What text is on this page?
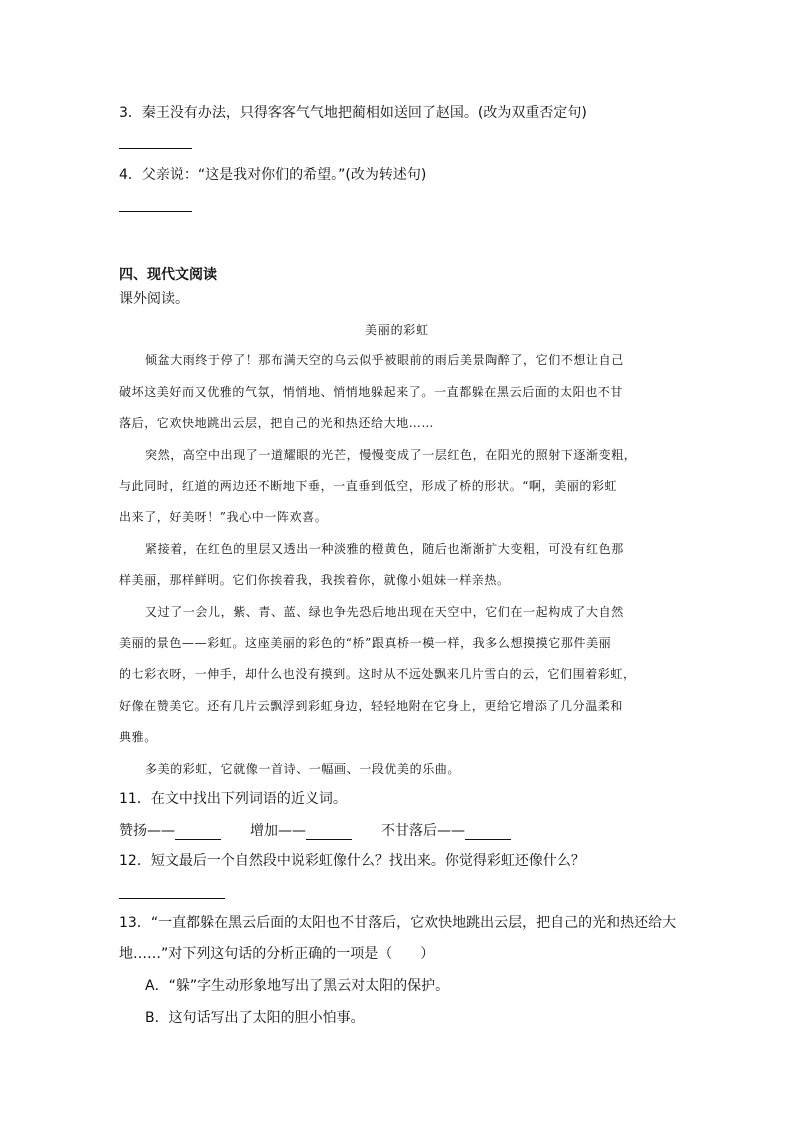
3．秦王没有办法，只得客客气气地把蔺相如送回了赵国。(改为双重否定句)
4．父亲说：“这是我对你们的希望。”(改为转述句)
四、现代文阅读
课外阅读。
美丽的彩虹
倾盆大雨终于停了！那布满天空的乌云似乎被眼前的雨后美景陶醉了，它们不想让自己
破坏这美好而又优雅的气氛，悄悄地、悄悄地躲起来了。一直都躲在黑云后面的太阳也不甘
落后，它欢快地跳出云层，把自己的光和热还给大地……
突然，高空中出现了一道耀眼的光芒，慢慢变成了一层红色，在阳光的照射下逐渐变粗，
与此同时，红道的两边还不断地下垂，一直垂到低空，形成了桥的形状。“啊，美丽的彩虹
出来了，好美呀！”我心中一阵欢喜。
紧接着，在红色的里层又透出一种淡雅的橙黄色，随后也渐渐扩大变粗，可没有红色那
样美丽，那样鲜明。它们你挨着我，我挨着你，就像小姐妹一样亲热。
又过了一会儿，紫、青、蓝、绿也争先恐后地出现在天空中，它们在一起构成了大自然
美丽的景色——彩虹。这座美丽的彩色的“桥”跟真桥一模一样，我多么想摸摸它那件美丽
的七彩衣呀，一伸手，却什么也没有摸到。这时从不远处飘来几片雪白的云，它们围着彩虹，
好像在赞美它。还有几片云飘浮到彩虹身边，轻轻地附在它身上，更给它增添了几分温柔和
典雅。
多美的彩虹，它就像一首诗、一幅画、一段优美的乐曲。
11．在文中找出下列词语的近义词。
赞扬——	增加——	不甘落后——
12．短文最后一个自然段中说彩虹像什么？找出来。你觉得彩虹还像什么？
13．“一直都躲在黑云后面的太阳也不甘落后，它欢快地跳出云层，把自己的光和热还给大
地……”对下列这句话的分析正确的一项是（　　）
A．“躲”字生动形象地写出了黑云对太阳的保护。
B．这句话写出了太阳的胆小怕事。
